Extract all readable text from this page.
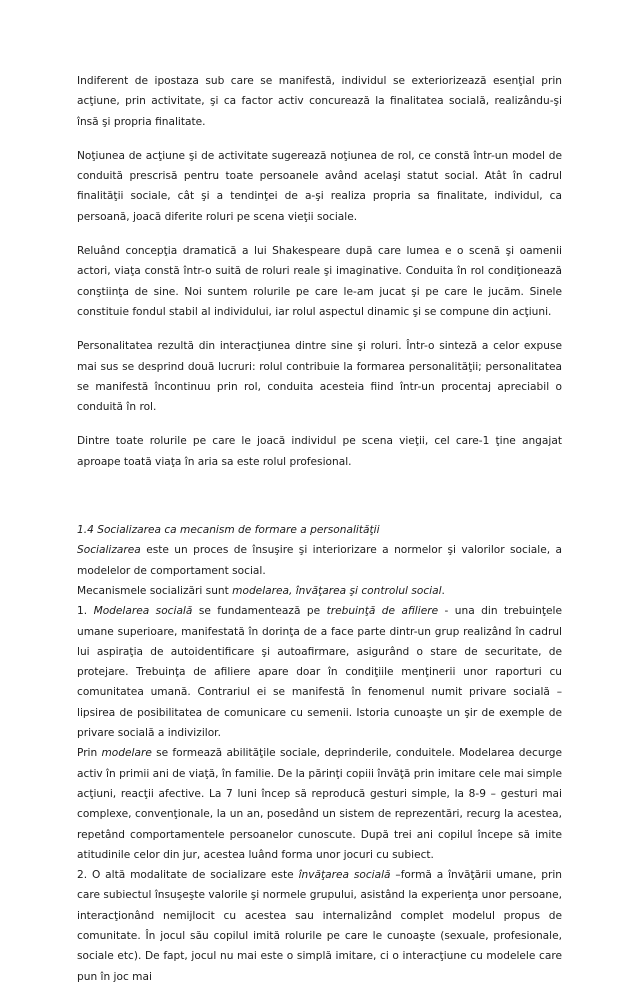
Indiferent de ipostaza sub care se manifestă, individul se exteriorizează esenţial prin acţiune, prin activitate, şi ca factor activ concurează la finalitatea socială, realizându-şi însă şi propria finalitate.

Noţiunea de acţiune şi de activitate sugerează noţiunea de rol, ce constă într-un model de conduită prescrisă pentru toate persoanele având acelaşi statut social. Atât în cadrul finalităţii sociale, cât şi a tendinţei de a-şi realiza propria sa finalitate, individul, ca persoană, joacă diferite roluri pe scena vieţii sociale.

Reluând concepţia dramatică a lui Shakespeare după care lumea e o scenă şi oamenii actori, viaţa constă într-o suită de roluri reale şi imaginative. Conduita în rol condiţionează conştiinţa de sine. Noi suntem rolurile pe care le-am jucat şi pe care le jucăm. Sinele constituie fondul stabil al individului, iar rolul aspectul dinamic şi se compune din acţiuni.

Personalitatea rezultă din interacţiunea dintre sine şi roluri. Într-o sinteză a celor expuse mai sus se desprind două lucruri: rolul contribuie la formarea personalităţii; personalitatea se manifestă încontinuu prin rol, conduita acesteia fiind într-un procentaj apreciabil o conduită în rol.

Dintre toate rolurile pe care le joacă individul pe scena vieţii, cel care-1 ţine angajat aproape toată viaţa în aria sa este rolul profesional.

1.4 Socializarea ca mecanism de formare a personalităţii

Socializarea este un proces de însuşire şi interiorizare a normelor şi valorilor sociale, a modelelor de comportament social.

Mecanismele socializări sunt modelarea, învăţarea şi controlul social.

1. Modelarea socială se fundamentează pe trebuinţă de afiliere - una din trebuinţele umane superioare, manifestată în dorinţa de a face parte dintr-un grup realizând în cadrul lui aspiraţia de autoidentificare şi autoafirmare, asigurând o stare de securitate, de protejare. Trebuinţa de afiliere apare doar în condiţiile menţinerii unor raporturi cu comunitatea umană. Contrariul ei se manifestă în fenomenul numit privare socială – lipsirea de posibilitatea de comunicare cu semenii. Istoria cunoaşte un şir de exemple de privare socială a indivizilor.

Prin modelare se formează abilităţile sociale, deprinderile, conduitele. Modelarea decurge activ în primii ani de viaţă, în familie. De la părinţi copiii învăţă prin imitare cele mai simple acţiuni, reacţii afective. La 7 luni încep să reproducă gesturi simple, la 8-9 – gesturi mai complexe, convenţionale, la un an, posedând un sistem de reprezentări, recurg la acestea, repetând comportamentele persoanelor cunoscute. După trei ani copilul începe să imite atitudinile celor din jur, acestea luând forma unor jocuri cu subiect.

2. O altă modalitate de socializare este învăţarea socială –formă a învăţării umane, prin care subiectul însuşeşte valorile şi normele grupului, asistând la experienţa unor persoane, interacţionând nemijlocit cu acestea sau internalizând complet modelul propus de comunitate. În jocul său copilul imită rolurile pe care le cunoaşte (sexuale, profesionale, sociale etc). De fapt, jocul nu mai este o simplă imitare, ci o interacţiune cu modelele care pun în joc mai
